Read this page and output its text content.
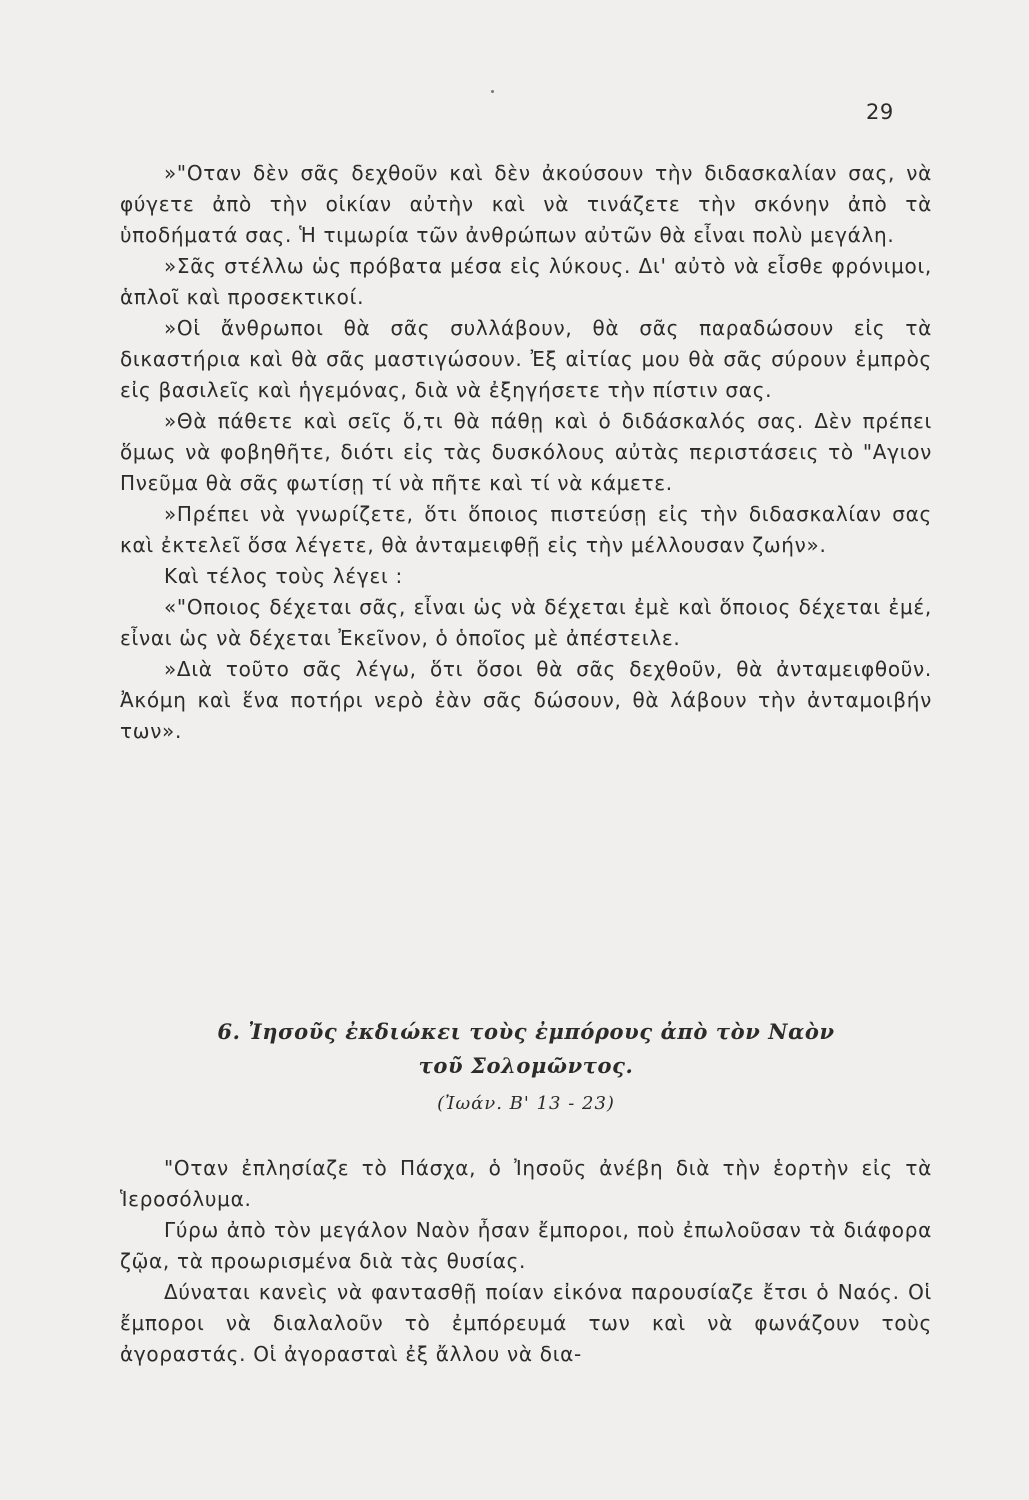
29

»"Οταν δὲν σᾶς δεχθοῦν καὶ δὲν ἀκούσουν τὴν διδασκαλίαν σας, νὰ φύγετε ἀπὸ τὴν οἰκίαν αὐτὴν καὶ νὰ τινάζετε τὴν σκόνην ἀπὸ τὰ ὑποδήματά σας. Ἡ τιμωρία τῶν ἀνθρώπων αὐτῶν θὰ εἶναι πολὺ μεγάλη.

»Σᾶς στέλλω ὡς πρόβατα μέσα εἰς λύκους. Δι' αὐτὸ νὰ εἶσθε φρόνιμοι, ἁπλοῖ καὶ προσεκτικοί.

»Οἱ ἄνθρωποι θὰ σᾶς συλλάβουν, θὰ σᾶς παραδώσουν εἰς τὰ δικαστήρια καὶ θὰ σᾶς μαστιγώσουν. Ἐξ αἰτίας μου θὰ σᾶς σύρουν ἐμπρὸς εἰς βασιλεῖς καὶ ἡγεμόνας, διὰ νὰ ἐξηγήσετε τὴν πίστιν σας.

»Θὰ πάθετε καὶ σεῖς ὅ,τι θὰ πάθῃ καὶ ὁ διδάσκαλός σας. Δὲν πρέπει ὅμως νὰ φοβηθῆτε, διότι εἰς τὰς δυσκόλους αὐτὰς περιστάσεις τὸ "Αγιον Πνεῦμα θὰ σᾶς φωτίσῃ τί νὰ πῆτε καὶ τί νὰ κάμετε.

»Πρέπει νὰ γνωρίζετε, ὅτι ὅποιος πιστεύσῃ εἰς τὴν διδασκαλίαν σας καὶ ἐκτελεῖ ὅσα λέγετε, θὰ ἀνταμειφθῇ εἰς τὴν μέλλουσαν ζωήν».

Καὶ τέλος τοὺς λέγει :

«"Οποιος δέχεται σᾶς, εἶναι ὡς νὰ δέχεται ἐμὲ καὶ ὅποιος δέχεται ἐμέ, εἶναι ὡς νὰ δέχεται Ἐκεῖνον, ὁ ὁποῖος μὲ ἀπέστειλε.

»Διὰ τοῦτο σᾶς λέγω, ὅτι ὅσοι θὰ σᾶς δεχθοῦν, θὰ ἀνταμειφθοῦν. Ἀκόμη καὶ ἕνα ποτήρι νερὸ ἐὰν σᾶς δώσουν, θὰ λάβουν τὴν ἀνταμοιβήν των».

6. Ἰησοῦς ἐκδιώκει τοὺς ἐμπόρους ἀπὸ τὸν Ναὸν
τοῦ Σολομῶντος.
(Ἰωάν. Β' 13 - 23)

"Οταν ἐπλησίαζε τὸ Πάσχα, ὁ Ἰησοῦς ἀνέβη διὰ τὴν ἑορτὴν εἰς τὰ Ἱεροσόλυμα.

Γύρω ἀπὸ τὸν μεγάλον Ναὸν ἦσαν ἔμποροι, ποὺ ἐπωλοῦσαν τὰ διάφορα ζῷα, τὰ προωρισμένα διὰ τὰς θυσίας.

Δύναται κανεὶς νὰ φαντασθῇ ποίαν εἰκόνα παρουσίαζε ἔτσι ὁ Ναός. Οἱ ἔμποροι νὰ διαλαλοῦν τὸ ἐμπόρευμά των καὶ νὰ φωνάζουν τοὺς ἀγοραστάς. Οἱ ἀγορασταὶ ἐξ ἄλλου νὰ δια-
